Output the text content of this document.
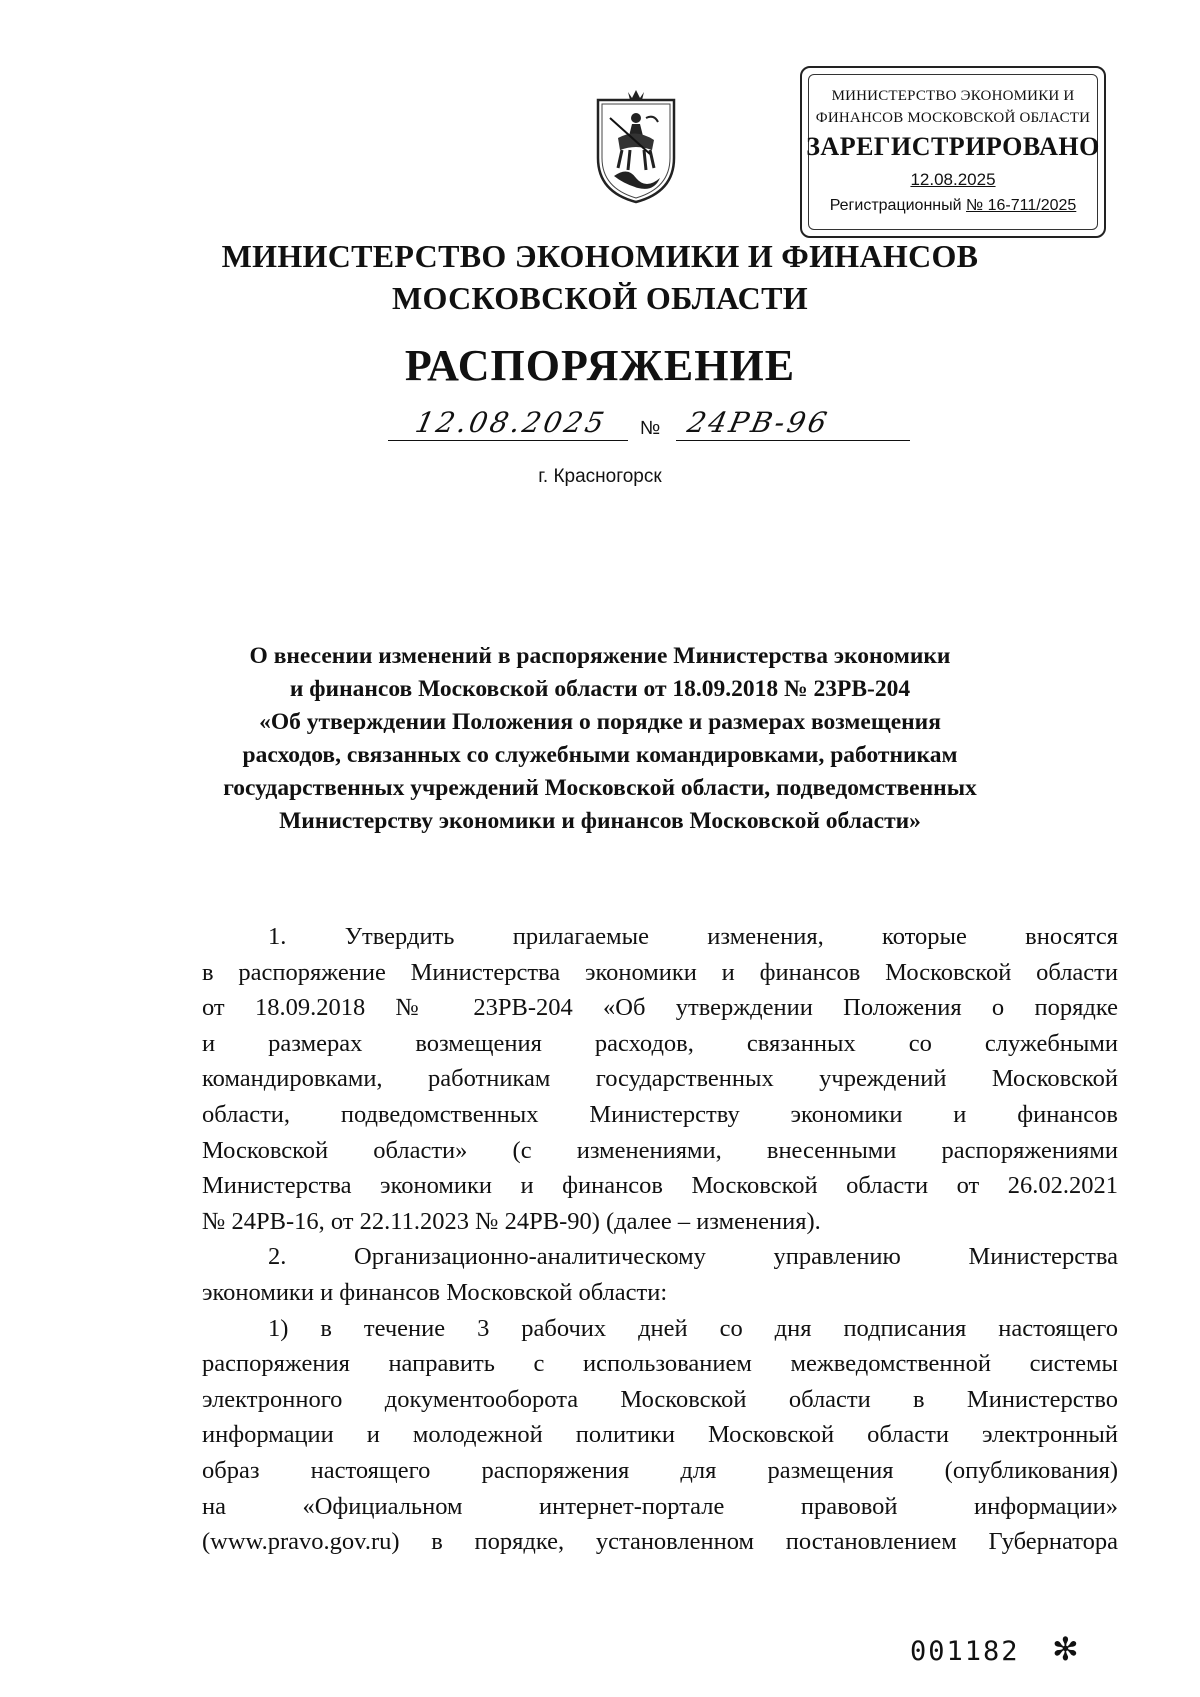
МИНИСТЕРСТВО ЭКОНОМИКИ И
ФИНАНСОВ МОСКОВСКОЙ ОБЛАСТИ
ЗАРЕГИСТРИРОВАНО
12.08.2025
Регистрационный № 16-711/2025
МИНИСТЕРСТВО ЭКОНОМИКИ И ФИНАНСОВ
МОСКОВСКОЙ ОБЛАСТИ
РАСПОРЯЖЕНИЕ
12.08.2025	№ 24РВ-96
г. Красногорск
О внесении изменений в распоряжение Министерства экономики
и финансов Московской области от 18.09.2018 № 23РВ-204
«Об утверждении Положения о порядке и размерах возмещения
расходов, связанных со служебными командировками, работникам
государственных учреждений Московской области, подведомственных
Министерству экономики и финансов Московской области»
1. Утвердить прилагаемые изменения, которые вносятся
в распоряжение Министерства экономики и финансов Московской области
от 18.09.2018 № 23РВ-204 «Об утверждении Положения о порядке
и размерах возмещения расходов, связанных со служебными
командировками, работникам государственных учреждений Московской
области, подведомственных Министерству экономики и финансов
Московской области» (с изменениями, внесенными распоряжениями
Министерства экономики и финансов Московской области от 26.02.2021
№ 24РВ-16, от 22.11.2023 № 24РВ-90) (далее – изменения).
2. Организационно-аналитическому управлению Министерства
экономики и финансов Московской области:
1) в течение 3 рабочих дней со дня подписания настоящего
распоряжения направить с использованием межведомственной системы
электронного документооборота Московской области в Министерство
информации и молодежной политики Московской области электронный
образ настоящего распоряжения для размещения (опубликования)
на «Официальном интернет-портале правовой информации»
(www.pravo.gov.ru) в порядке, установленном постановлением Губернатора
001182 ✻
